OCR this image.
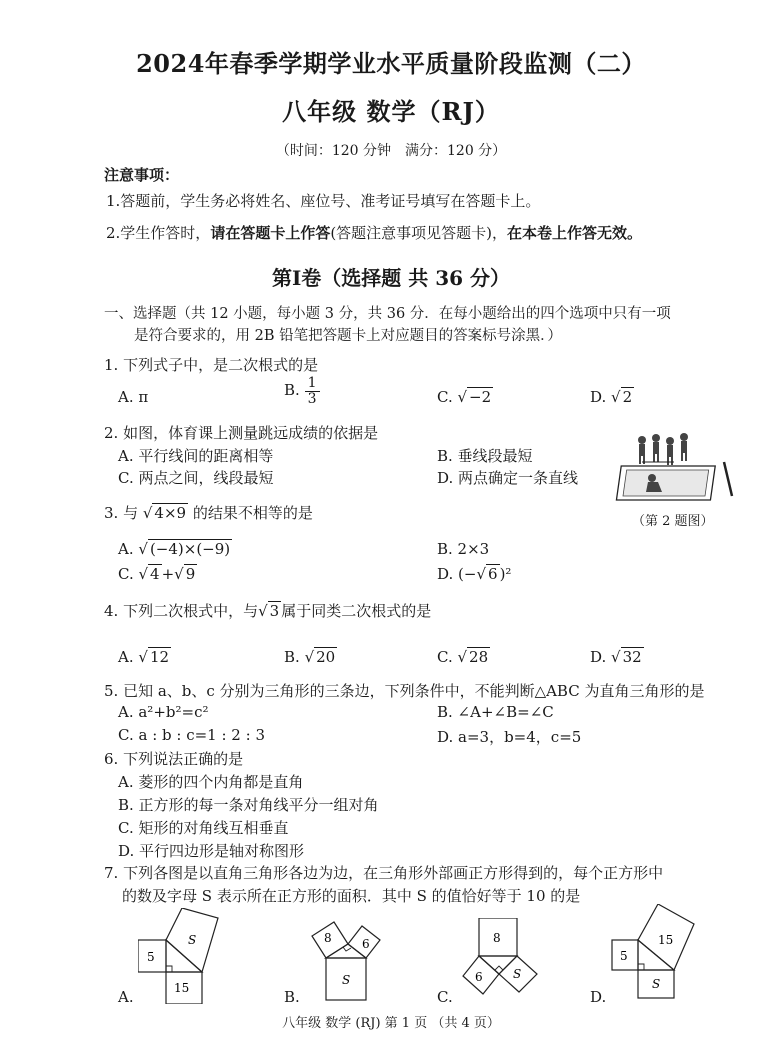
2024年春季学期学业水平质量阶段监测（二）
八年级 数学（RJ）
（时间：120 分钟　满分：120 分）
注意事项：
1.答题前，学生务必将姓名、座位号、准考证号填写在答题卡上。
2.学生作答时，请在答题卡上作答(答题注意事项见答题卡)，在本卷上作答无效。
第Ⅰ卷（选择题 共 36 分）
一、选择题（共 12 小题，每小题 3 分，共 36 分．在每小题给出的四个选项中只有一项
是符合要求的，用 2B 铅笔把答题卡上对应题目的答案标号涂黑．）
1. 下列式子中，是二次根式的是
A. π	B. $\frac{1}{3}$	C. √ −2	D. √ 2
2. 如图，体育课上测量跳远成绩的依据是
A. 平行线间的距离相等	B. 垂线段最短
C. 两点之间，线段最短	D. 两点确定一条直线
（第 2 题图）
3. 与 √ 4×9 的结果不相等的是
A. √ (−4)×(−9)	B. 2×3
C. √ 4 +√ 9	D. (−√ 6 )²
4. 下列二次根式中，与√ 3 属于同类二次根式的是
A. √ 12	B. √ 20	C. √ 28	D. √ 32
5. 已知 a、b、c 分别为三角形的三条边，下列条件中，不能判断△ABC 为直角三角形的是
A. a²+b²=c²	B. ∠A+∠B=∠C
C. a : b : c=1 : 2 : 3	D. a=3，b=4，c=5
6. 下列说法正确的是
A. 菱形的四个内角都是直角
B. 正方形的每一条对角线平分一组对角
C. 矩形的对角线互相垂直
D. 平行四边形是轴对称图形
7. 下列各图是以直角三角形各边为边，在三角形外部画正方形得到的，每个正方形中
的数及字母 S 表示所在正方形的面积．其中 S 的值恰好等于 10 的是
A.
5
15
S
B.
8	6
S
C.
8
6	S
D.
5
15
S
八年级 数学 (RJ) 第 1 页 （共 4 页）
